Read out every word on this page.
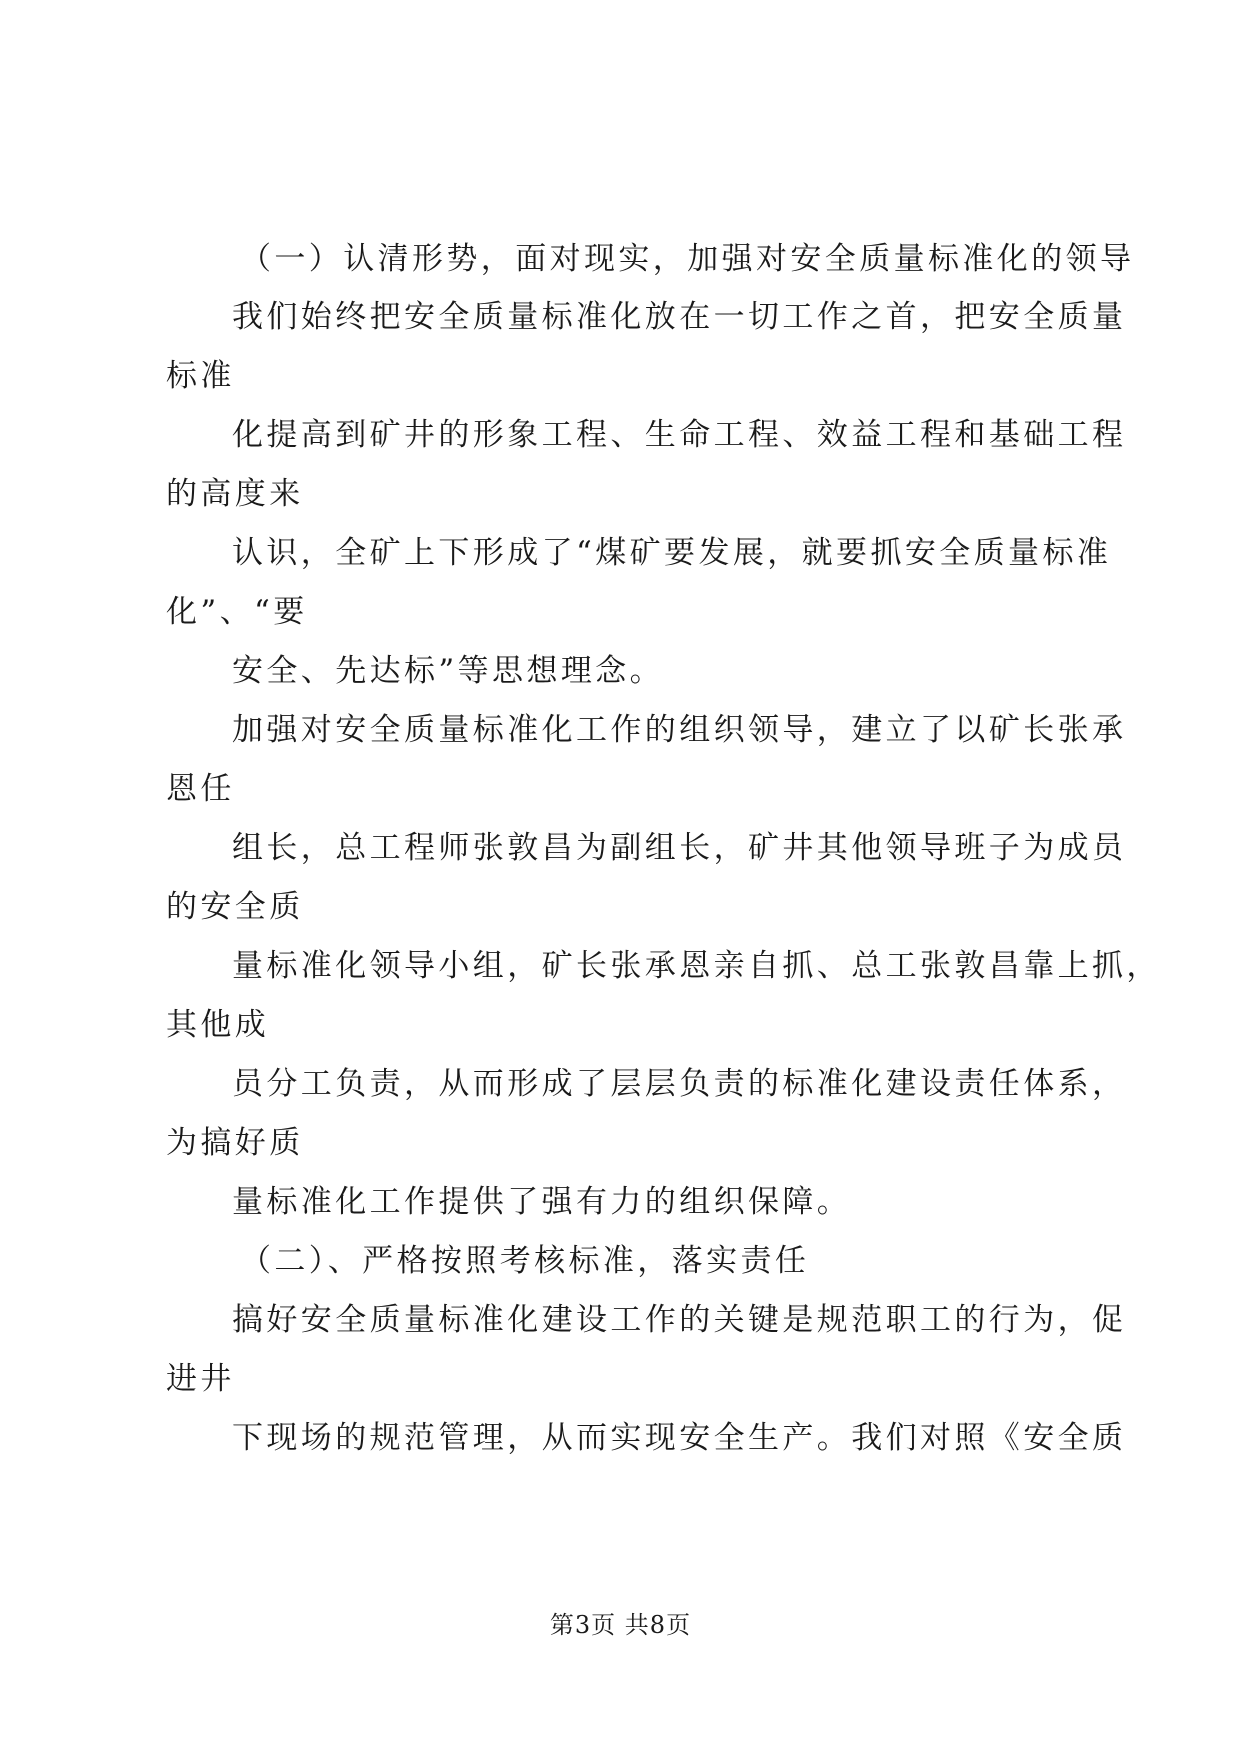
（一）认清形势，面对现实，加强对安全质量标准化的领导
我们始终把安全质量标准化放在一切工作之首，把安全质量
标准
化提高到矿井的形象工程、生命工程、效益工程和基础工程
的高度来
认识，全矿上下形成了“煤矿要发展，就要抓安全质量标准
化”、“要
安全、先达标”等思想理念。
加强对安全质量标准化工作的组织领导，建立了以矿长张承
恩任
组长，总工程师张敦昌为副组长，矿井其他领导班子为成员
的安全质
量标准化领导小组，矿长张承恩亲自抓、总工张敦昌靠上抓，
其他成
员分工负责，从而形成了层层负责的标准化建设责任体系，
为搞好质
量标准化工作提供了强有力的组织保障。
（二）、严格按照考核标准，落实责任
搞好安全质量标准化建设工作的关键是规范职工的行为，促
进井
下现场的规范管理，从而实现安全生产。我们对照《安全质
第3页 共8页
